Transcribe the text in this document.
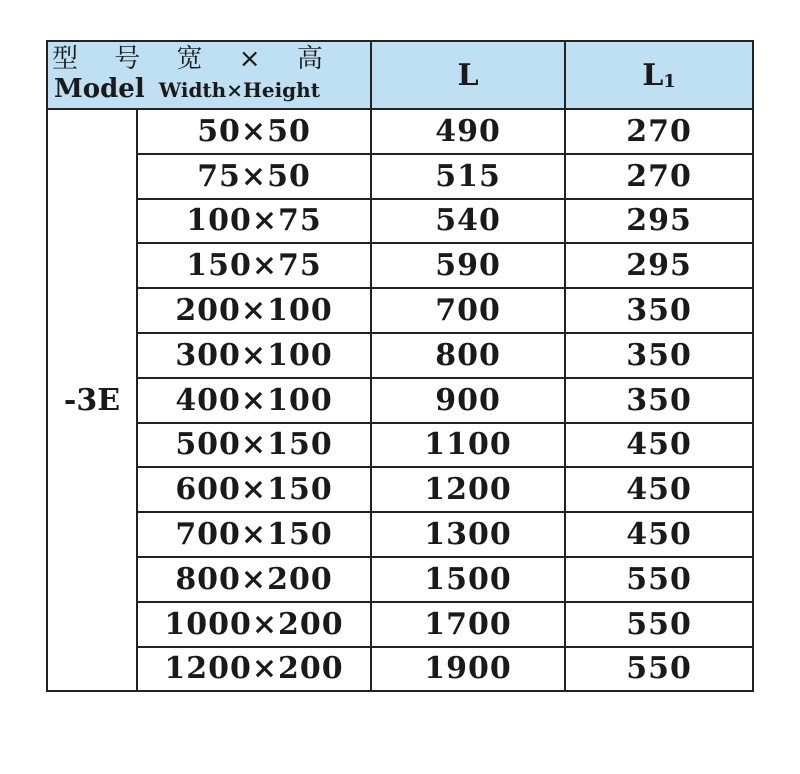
型 号 宽 × 高
Model Width×Height		L	$L_1$
-3E	50×50	490	270
	75×50	515	270
	100×75	540	295
	150×75	590	295
	200×100	700	350
	300×100	800	350
	400×100	900	350
	500×150	1100	450
	600×150	1200	450
	700×150	1300	450
	800×200	1500	550
	1000×200	1700	550
	1200×200	1900	550
